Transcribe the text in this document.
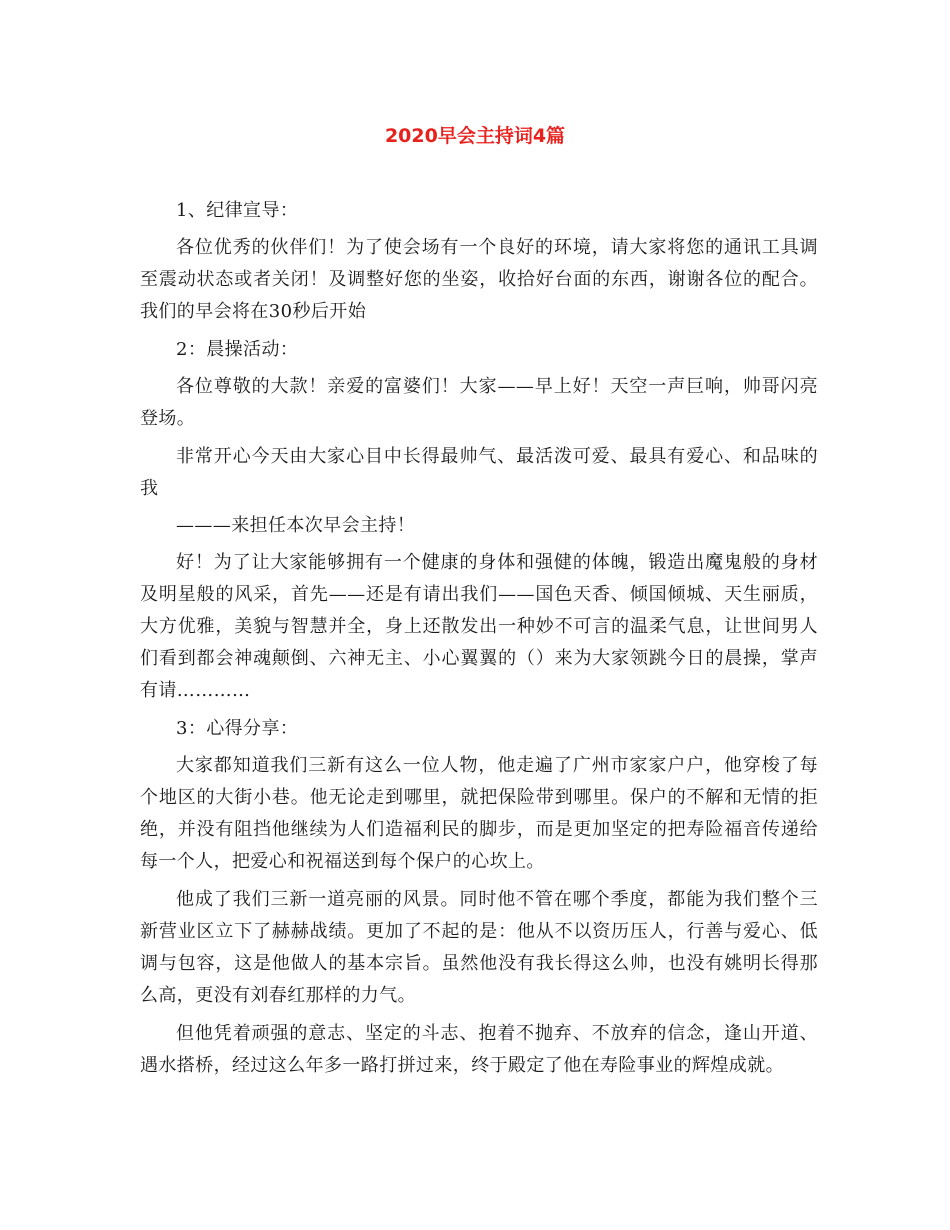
2020早会主持词4篇

1、纪律宣导：

各位优秀的伙伴们！为了使会场有一个良好的环境，请大家将您的通讯工具调至震动状态或者关闭！及调整好您的坐姿，收拾好台面的东西，谢谢各位的配合。我们的早会将在30秒后开始

2：晨操活动：

各位尊敬的大款！亲爱的富婆们！大家——早上好！天空一声巨响，帅哥闪亮登场。

非常开心今天由大家心目中长得最帅气、最活泼可爱、最具有爱心、和品味的我

———来担任本次早会主持！

好！为了让大家能够拥有一个健康的身体和强健的体魄，锻造出魔鬼般的身材及明星般的风采，首先——还是有请出我们——国色天香、倾国倾城、天生丽质，大方优雅，美貌与智慧并全，身上还散发出一种妙不可言的温柔气息，让世间男人们看到都会神魂颠倒、六神无主、小心翼翼的（）来为大家领跳今日的晨操，掌声有请…………

3：心得分享：

大家都知道我们三新有这么一位人物，他走遍了广州市家家户户，他穿梭了每个地区的大街小巷。他无论走到哪里，就把保险带到哪里。保户的不解和无情的拒绝，并没有阻挡他继续为人们造福利民的脚步，而是更加坚定的把寿险福音传递给每一个人，把爱心和祝福送到每个保户的心坎上。

他成了我们三新一道亮丽的风景。同时他不管在哪个季度，都能为我们整个三新营业区立下了赫赫战绩。更加了不起的是：他从不以资历压人，行善与爱心、低调与包容，这是他做人的基本宗旨。虽然他没有我长得这么帅，也没有姚明长得那么高，更没有刘春红那样的力气。

但他凭着顽强的意志、坚定的斗志、抱着不抛弃、不放弃的信念，逢山开道、遇水搭桥，经过这么年多一路打拼过来，终于殿定了他在寿险事业的辉煌成就。
